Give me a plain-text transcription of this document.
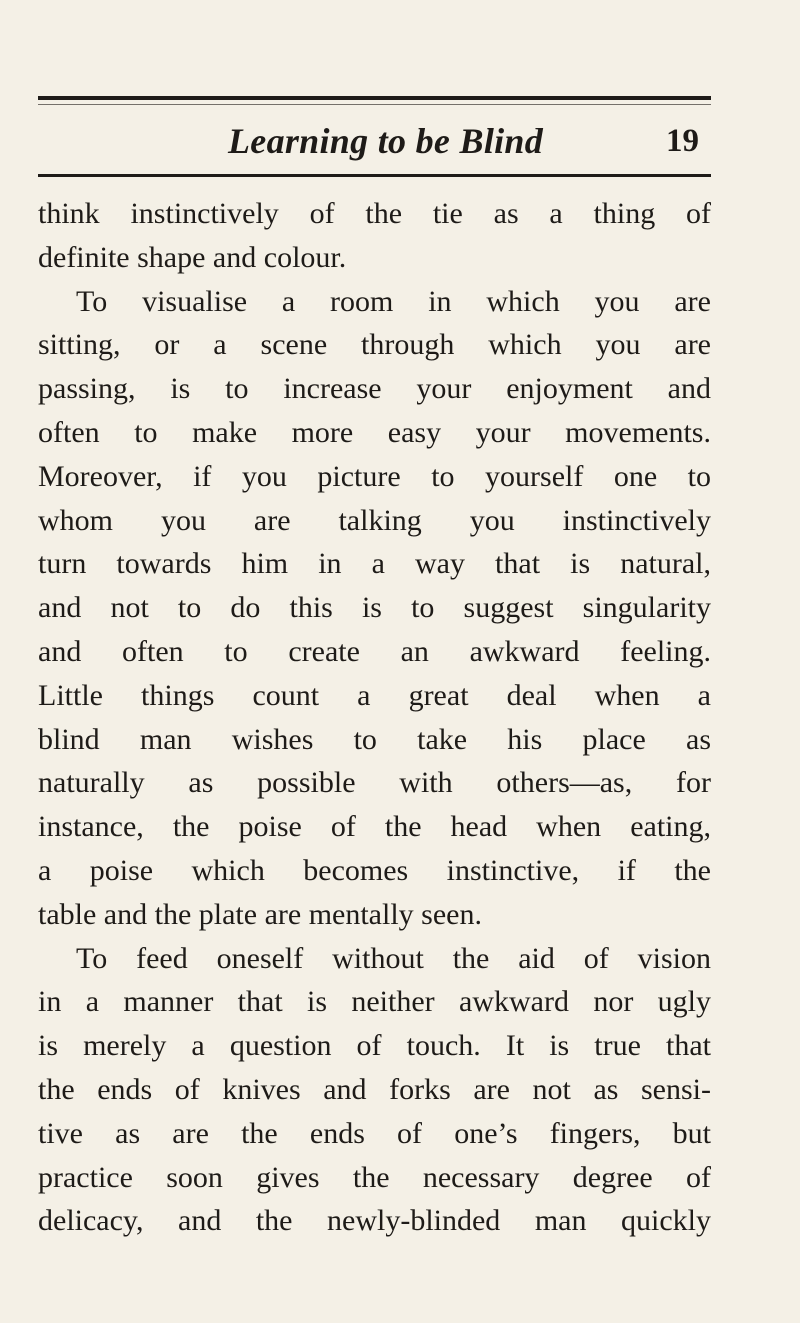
Learning to be Blind	19
think instinctively of the tie as a thing of
definite shape and colour.
To visualise a room in which you are
sitting, or a scene through which you are
passing, is to increase your enjoyment and
often to make more easy your movements.
Moreover, if you picture to yourself one to
whom you are talking you instinctively
turn towards him in a way that is natural,
and not to do this is to suggest singularity
and often to create an awkward feeling.
Little things count a great deal when a
blind man wishes to take his place as
naturally as possible with others—as, for
instance, the poise of the head when eating,
a poise which becomes instinctive, if the
table and the plate are mentally seen.
To feed oneself without the aid of vision
in a manner that is neither awkward nor ugly
is merely a question of touch. It is true that
the ends of knives and forks are not as sensi-
tive as are the ends of one’s fingers, but
practice soon gives the necessary degree of
delicacy, and the newly-blinded man quickly
